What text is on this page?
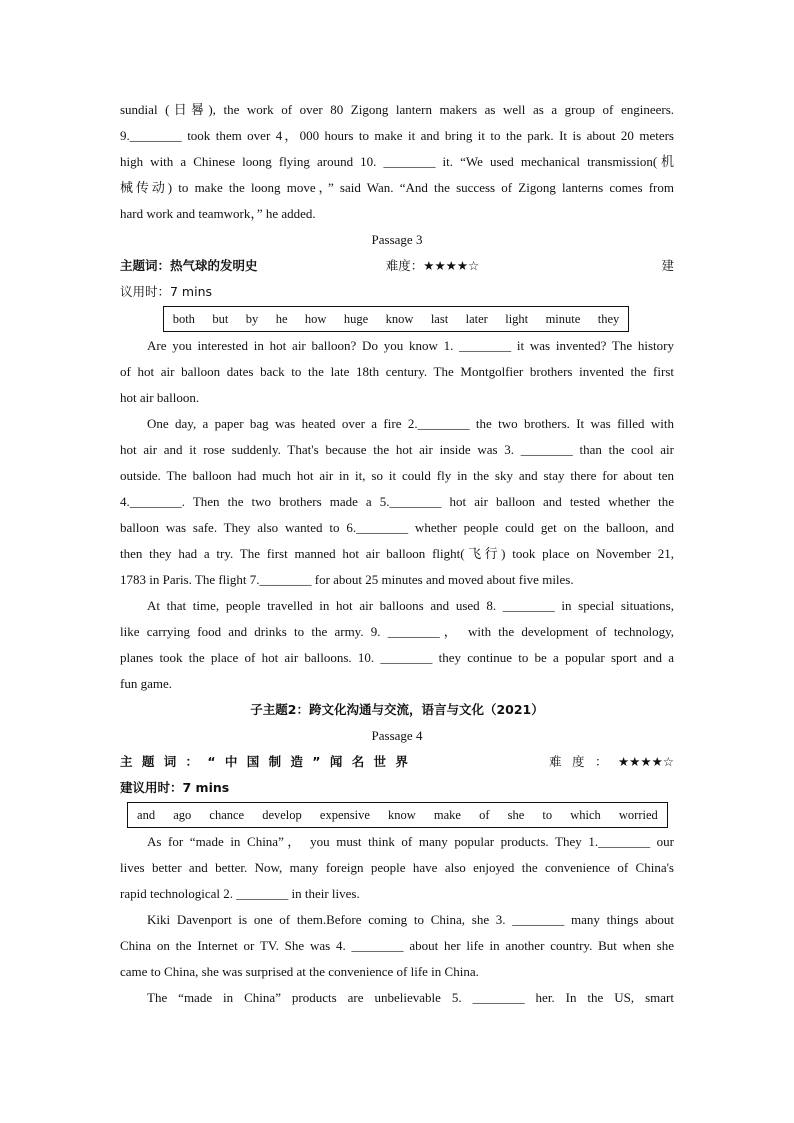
sundial (日晷), the work of over 80 Zigong lantern makers as well as a group of engineers.
9.________ took them over 4，000 hours to make it and bring it to the park. It is about 20 meters
high with a Chinese loong flying around 10. ________ it. “We used mechanical transmission(机
械传动) to make the loong move，” said Wan. “And the success of Zigong lanterns comes from
hard work and teamwork，” he added.
Passage 3
主题词：热气球的发明史	难度：★★★★☆	建
议用时：7 mins
both but by he how huge know last later light minute they
Are you interested in hot air balloon? Do you know 1. ________ it was invented? The history
of hot air balloon dates back to the late 18th century. The Montgolfier brothers invented the first
hot air balloon.
One day, a paper bag was heated over a fire 2.________ the two brothers. It was filled with
hot air and it rose suddenly. That's because the hot air inside was 3. ________ than the cool air
outside. The balloon had much hot air in it, so it could fly in the sky and stay there for about ten
4.________. Then the two brothers made a 5.________ hot air balloon and tested whether the
balloon was safe. They also wanted to 6.________ whether people could get on the balloon, and
then they had a try. The first manned hot air balloon flight(飞行) took place on November 21,
1783 in Paris. The flight 7.________ for about 25 minutes and moved about five miles.
At that time, people travelled in hot air balloons and used 8. ________ in special situations,
like carrying food and drinks to the army. 9. ________， with the development of technology,
planes took the place of hot air balloons. 10. ________ they continue to be a popular sport and a
fun game.
子主题2：跨文化沟通与交流，语言与文化（2021）
Passage 4
主 题 词 ： “ 中 国 制 造 ” 闻 名 世 界	难 度 ： ★★★★☆
建议用时：7 mins
and ago chance develop expensive know make of she to which worried
As for “made in China”， you must think of many popular products. They 1.________ our
lives better and better. Now, many foreign people have also enjoyed the convenience of China's
rapid technological 2. ________ in their lives.
Kiki Davenport is one of them.Before coming to China, she 3. ________ many things about
China on the Internet or TV. She was 4. ________ about her life in another country. But when she
came to China, she was surprised at the convenience of life in China.
The “made in China” products are unbelievable 5. ________ her. In the US, smart
